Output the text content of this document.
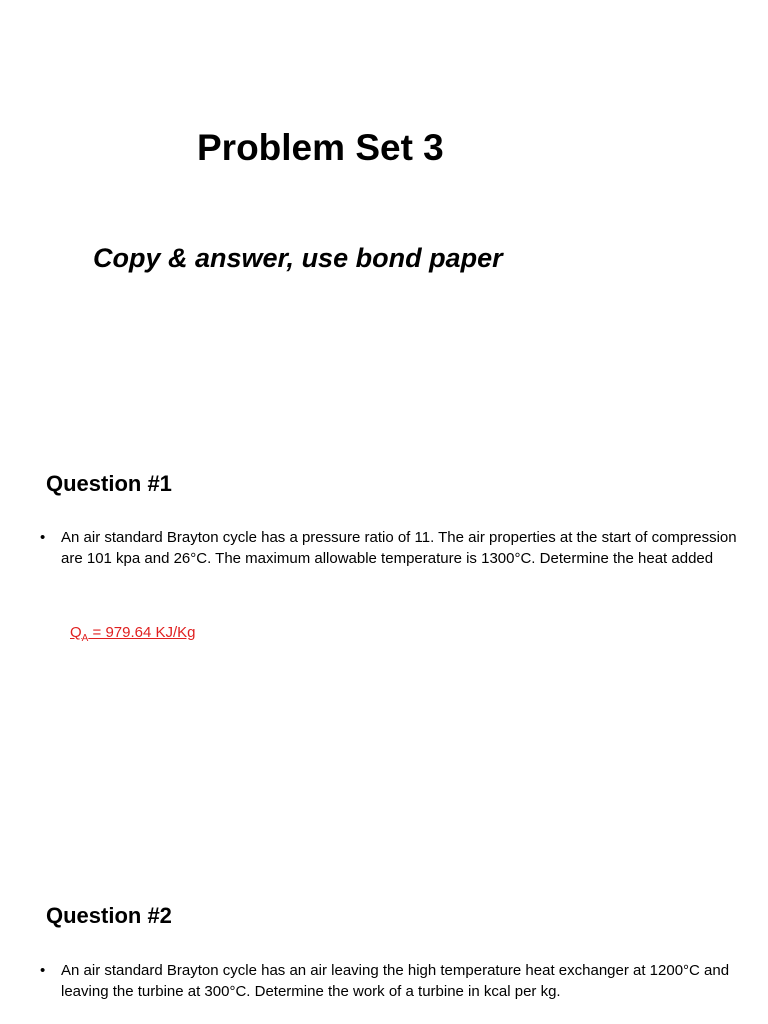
Problem Set 3
Copy & answer, use bond paper
Question #1
•	An air standard Brayton cycle has a pressure ratio of 11. The air properties at the start of compression are 101 kpa and 26°C. The maximum allowable temperature is 1300°C. Determine the heat added
$Q_A = 979.64$ KJ/Kg
Question #2
•	An air standard Brayton cycle has an air leaving the high temperature heat exchanger at 1200°C and leaving the turbine at 300°C. Determine the work of a turbine in kcal per kg.
